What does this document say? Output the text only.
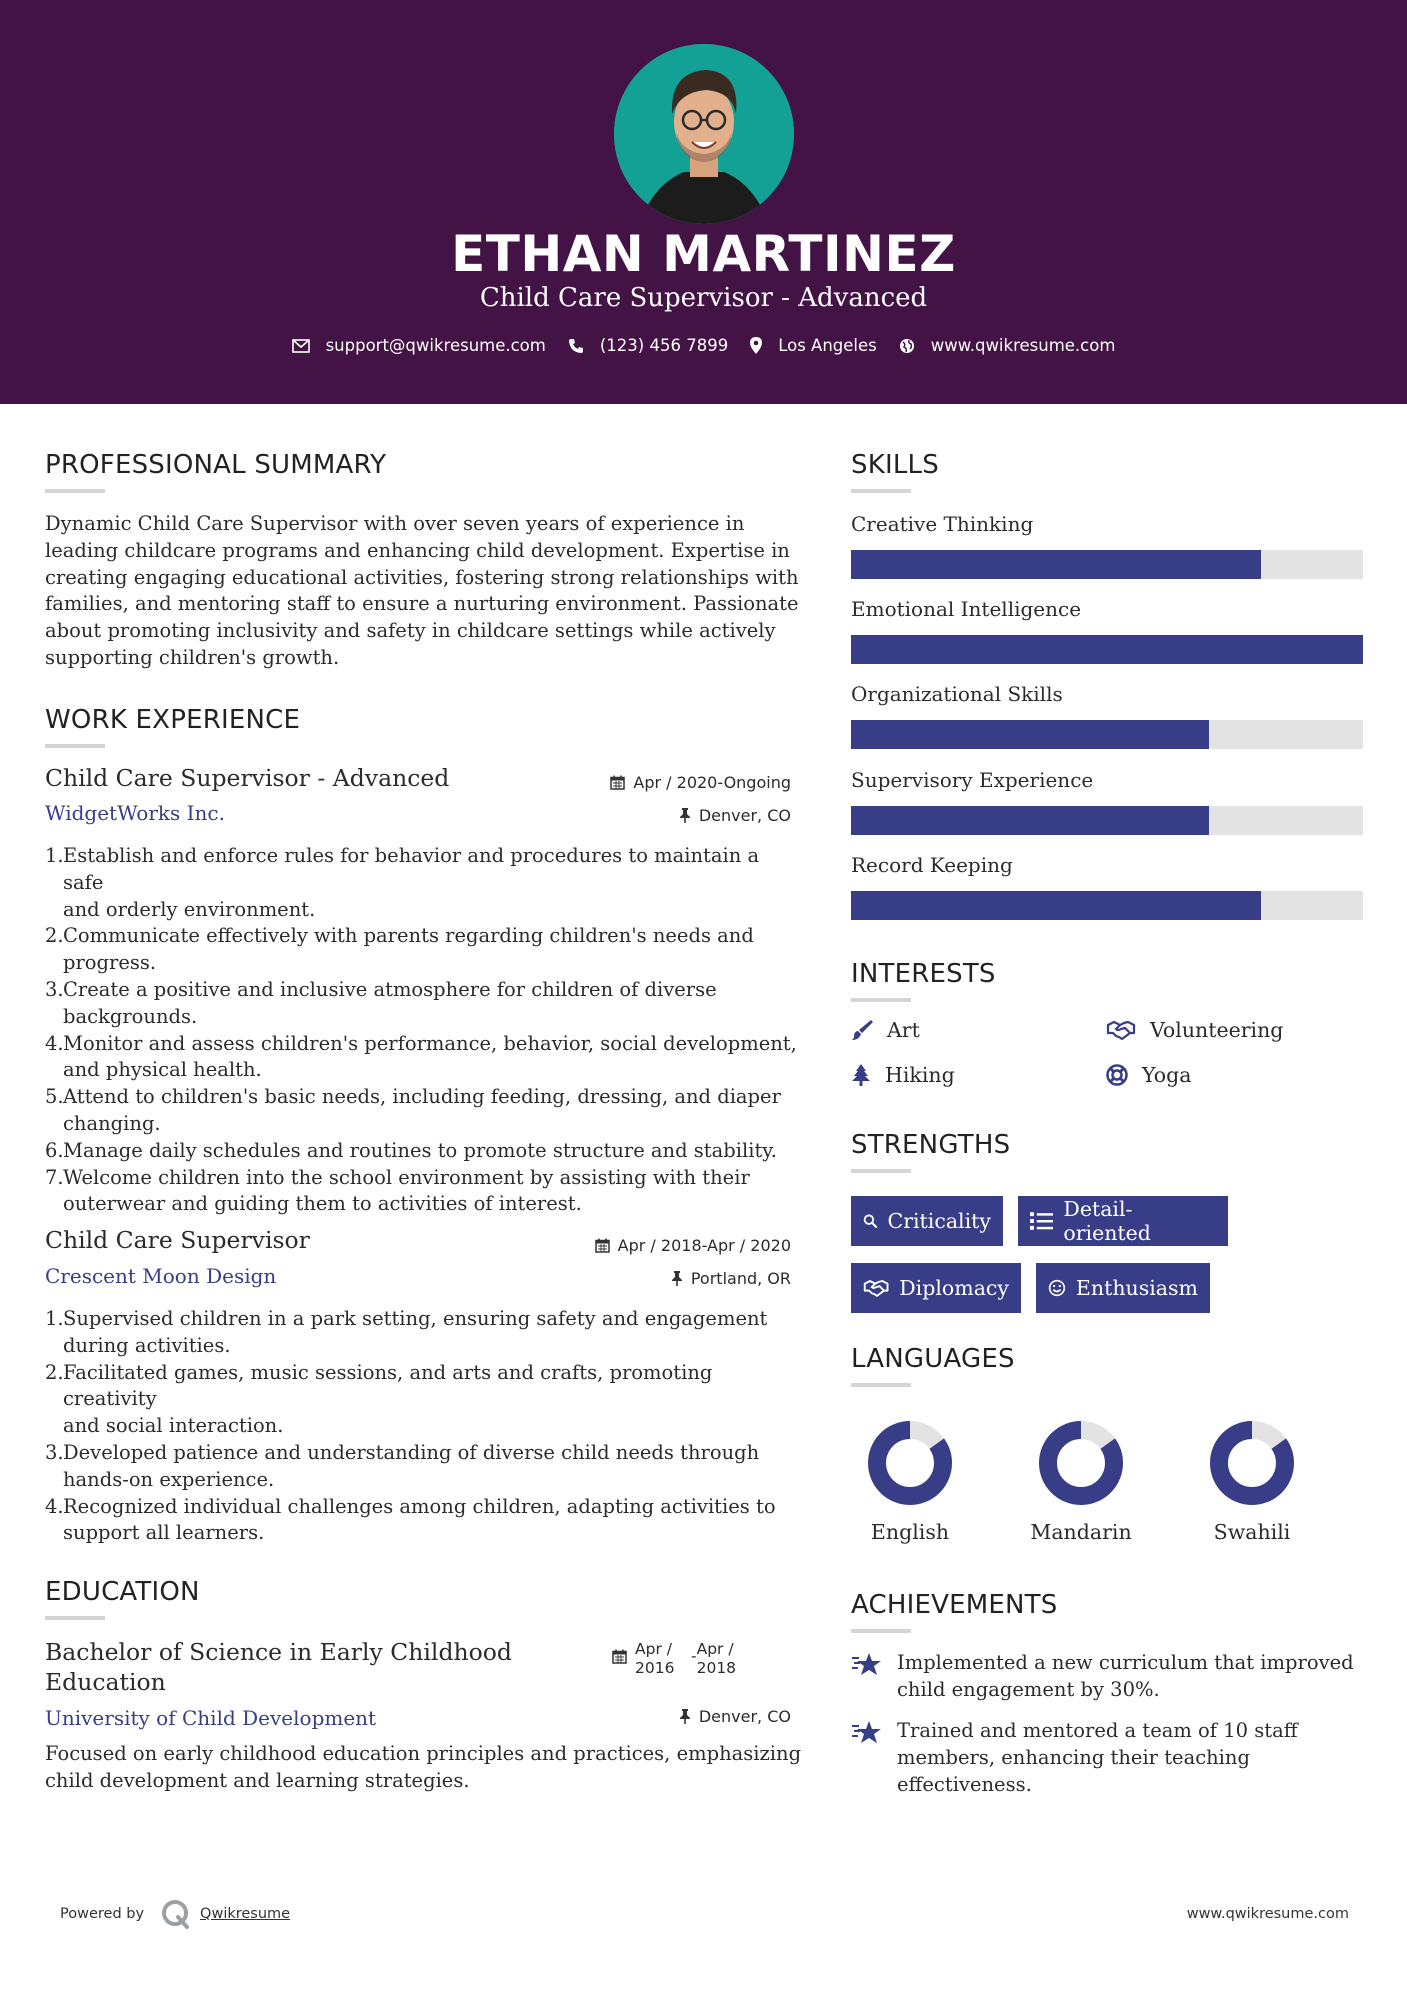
ETHAN MARTINEZ
Child Care Supervisor - Advanced
support@qwikresume.com	(123) 456 7899	Los Angeles	www.qwikresume.com
PROFESSIONAL SUMMARY
Dynamic Child Care Supervisor with over seven years of experience in
leading childcare programs and enhancing child development. Expertise in
creating engaging educational activities, fostering strong relationships with
families, and mentoring staff to ensure a nurturing environment. Passionate
about promoting inclusivity and safety in childcare settings while actively
supporting children's growth.
WORK EXPERIENCE
Child Care Supervisor - Advanced	Apr / 2020-Ongoing
WidgetWorks Inc.	Denver, CO
1. Establish and enforce rules for behavior and procedures to maintain a safe
and orderly environment.
2. Communicate effectively with parents regarding children's needs and
progress.
3. Create a positive and inclusive atmosphere for children of diverse
backgrounds.
4. Monitor and assess children's performance, behavior, social development,
and physical health.
5. Attend to children's basic needs, including feeding, dressing, and diaper
changing.
6. Manage daily schedules and routines to promote structure and stability.
7. Welcome children into the school environment by assisting with their
outerwear and guiding them to activities of interest.
Child Care Supervisor	Apr / 2018-Apr / 2020
Crescent Moon Design	Portland, OR
1. Supervised children in a park setting, ensuring safety and engagement
during activities.
2. Facilitated games, music sessions, and arts and crafts, promoting creativity
and social interaction.
3. Developed patience and understanding of diverse child needs through
hands-on experience.
4. Recognized individual challenges among children, adapting activities to
support all learners.
EDUCATION
Bachelor of Science in Early Childhood
Education
Apr /
2016
- Apr /
2018
University of Child Development	Denver, CO
Focused on early childhood education principles and practices, emphasizing
child development and learning strategies.
SKILLS
Creative Thinking
Emotional Intelligence
Organizational Skills
Supervisory Experience
Record Keeping
INTERESTS
Art	Volunteering
Hiking	Yoga
STRENGTHS
Criticality	Detail-oriented
Diplomacy	Enthusiasm
LANGUAGES
English	Mandarin	Swahili
ACHIEVEMENTS
Implemented a new curriculum that improved
child engagement by 30%.
Trained and mentored a team of 10 staff
members, enhancing their teaching
effectiveness.
Powered by	Qwikresume	www.qwikresume.com
